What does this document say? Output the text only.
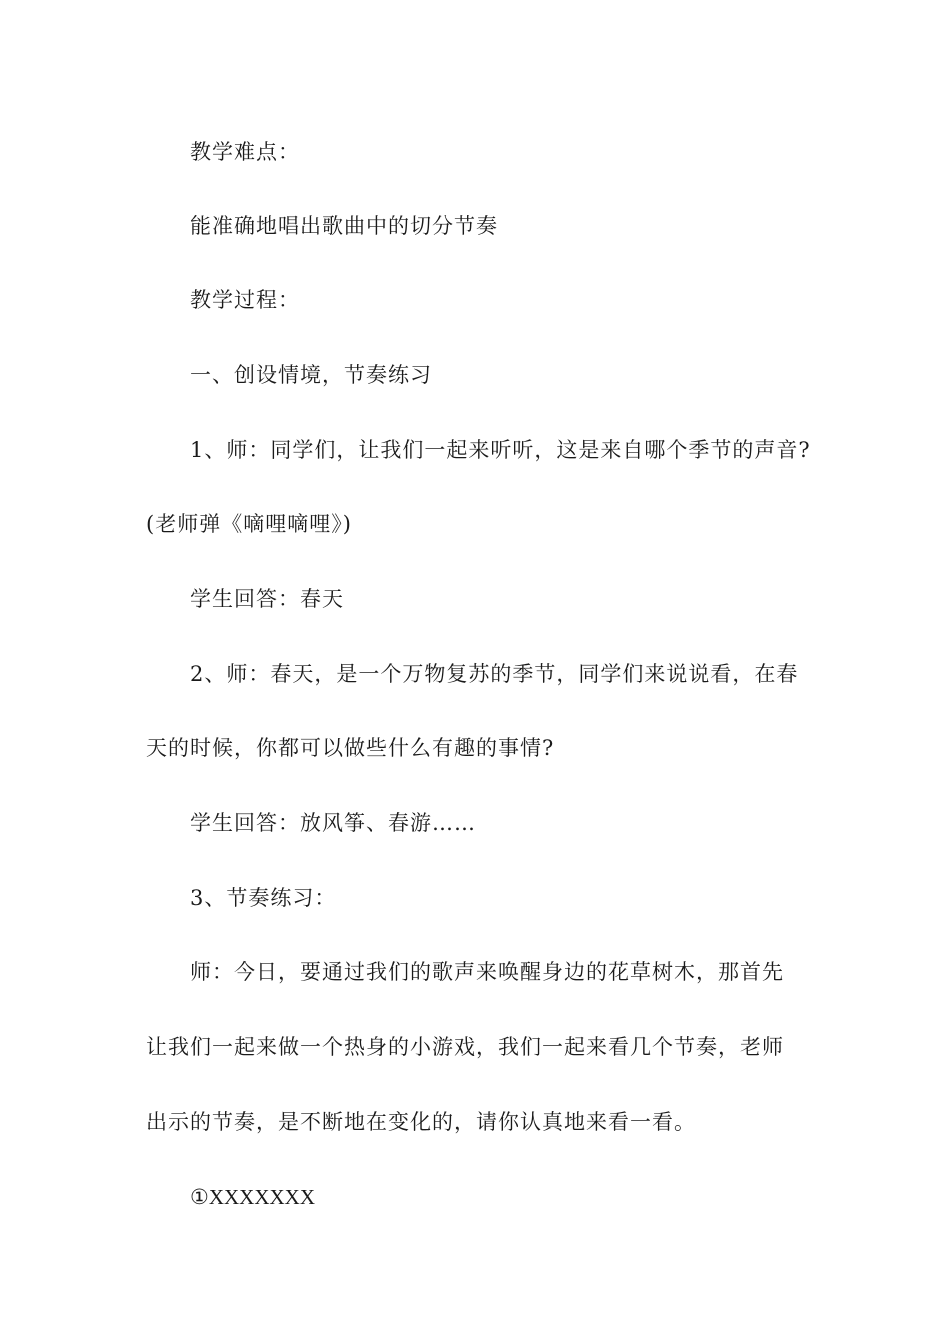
教学难点：

能准确地唱出歌曲中的切分节奏

教学过程：

一、创设情境，节奏练习

1、师：同学们，让我们一起来听听，这是来自哪个季节的声音?

(老师弹《嘀哩嘀哩》)

学生回答：春天

2、师：春天，是一个万物复苏的季节，同学们来说说看，在春

天的时候，你都可以做些什么有趣的事情?

学生回答：放风筝、春游……

3、节奏练习：

师：今日，要通过我们的歌声来唤醒身边的花草树木，那首先

让我们一起来做一个热身的小游戏，我们一起来看几个节奏，老师

出示的节奏，是不断地在变化的，请你认真地来看一看。

①XXXXXXX
